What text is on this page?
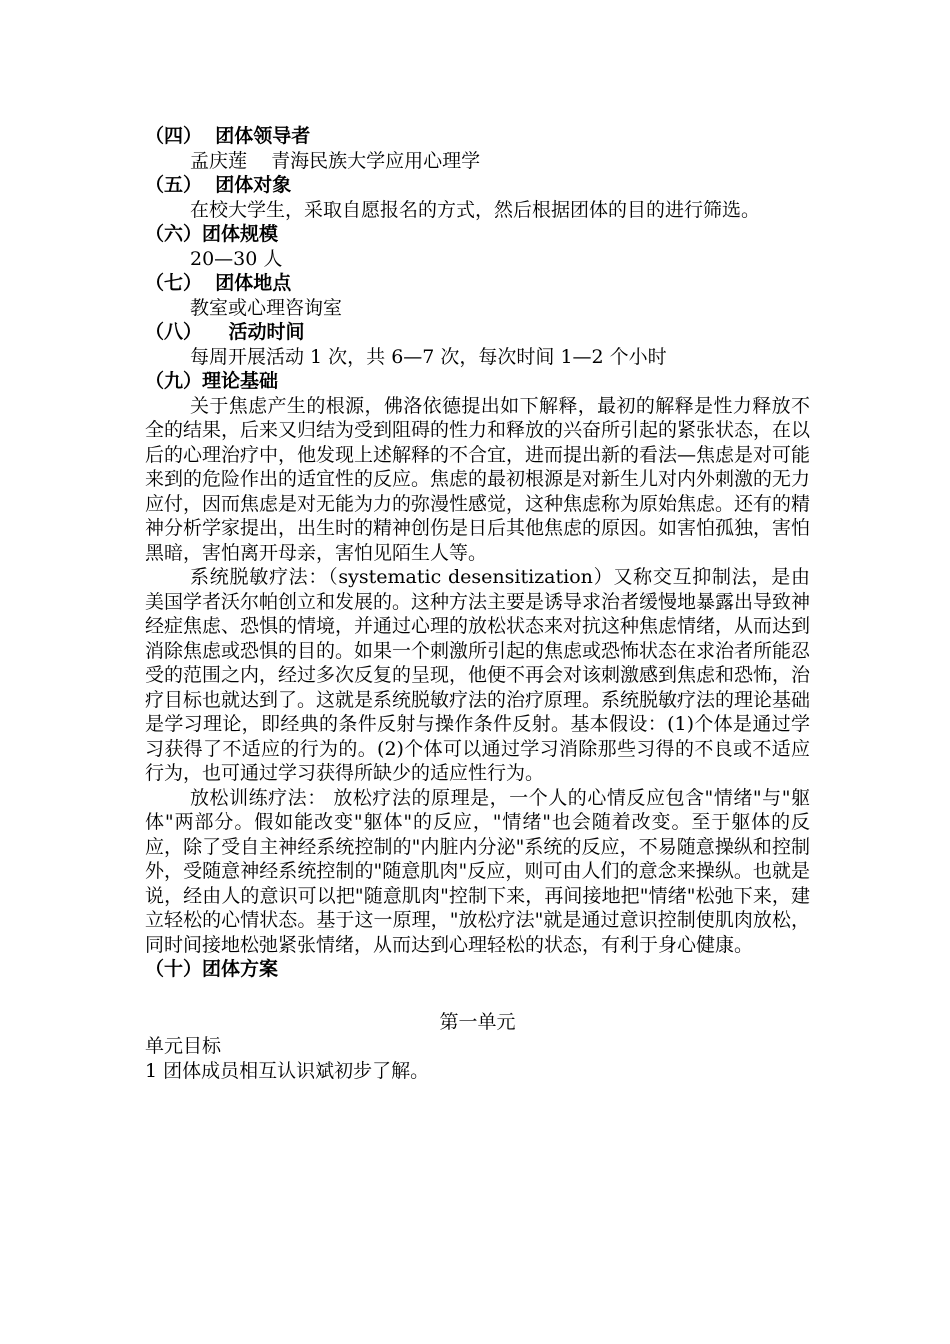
（四）  团体领导者

孟庆莲    青海民族大学应用心理学

（五）  团体对象

在校大学生，采取自愿报名的方式，然后根据团体的目的进行筛选。

（六）团体规模

20—30 人

（七）  团体地点

教室或心理咨询室

（八）    活动时间

每周开展活动 1 次，共 6—7 次，每次时间 1—2 个小时

（九）理论基础

关于焦虑产生的根源，佛洛依德提出如下解释，最初的解释是性力释放不全的结果，后来又归结为受到阻碍的性力和释放的兴奋所引起的紧张状态，在以后的心理治疗中，他发现上述解释的不合宜，进而提出新的看法—焦虑是对可能来到的危险作出的适宜性的反应。焦虑的最初根源是对新生儿对内外刺激的无力应付，因而焦虑是对无能为力的弥漫性感觉，这种焦虑称为原始焦虑。还有的精神分析学家提出，出生时的精神创伤是日后其他焦虑的原因。如害怕孤独，害怕黑暗，害怕离开母亲，害怕见陌生人等。

系统脱敏疗法：（systematic desensitization）又称交互抑制法，是由美国学者沃尔帕创立和发展的。这种方法主要是诱导求治者缓慢地暴露出导致神经症焦虑、恐惧的情境，并通过心理的放松状态来对抗这种焦虑情绪，从而达到消除焦虑或恐惧的目的。如果一个刺激所引起的焦虑或恐怖状态在求治者所能忍受的范围之内，经过多次反复的呈现，他便不再会对该刺激感到焦虑和恐怖，治疗目标也就达到了。这就是系统脱敏疗法的治疗原理。系统脱敏疗法的理论基础是学习理论，即经典的条件反射与操作条件反射。基本假设：(1)个体是通过学习获得了不适应的行为的。(2)个体可以通过学习消除那些习得的不良或不适应行为，也可通过学习获得所缺少的适应性行为。

放松训练疗法： 放松疗法的原理是，一个人的心情反应包含"情绪"与"躯体"两部分。假如能改变"躯体"的反应，"情绪"也会随着改变。至于躯体的反应，除了受自主神经系统控制的"内脏内分泌"系统的反应，不易随意操纵和控制外，受随意神经系统控制的"随意肌肉"反应，则可由人们的意念来操纵。也就是说，经由人的意识可以把"随意肌肉"控制下来，再间接地把"情绪"松弛下来，建立轻松的心情状态。基于这一原理，"放松疗法"就是通过意识控制使肌肉放松，同时间接地松弛紧张情绪，从而达到心理轻松的状态，有利于身心健康。

（十）团体方案

第一单元

单元目标

1 团体成员相互认识斌初步了解。
